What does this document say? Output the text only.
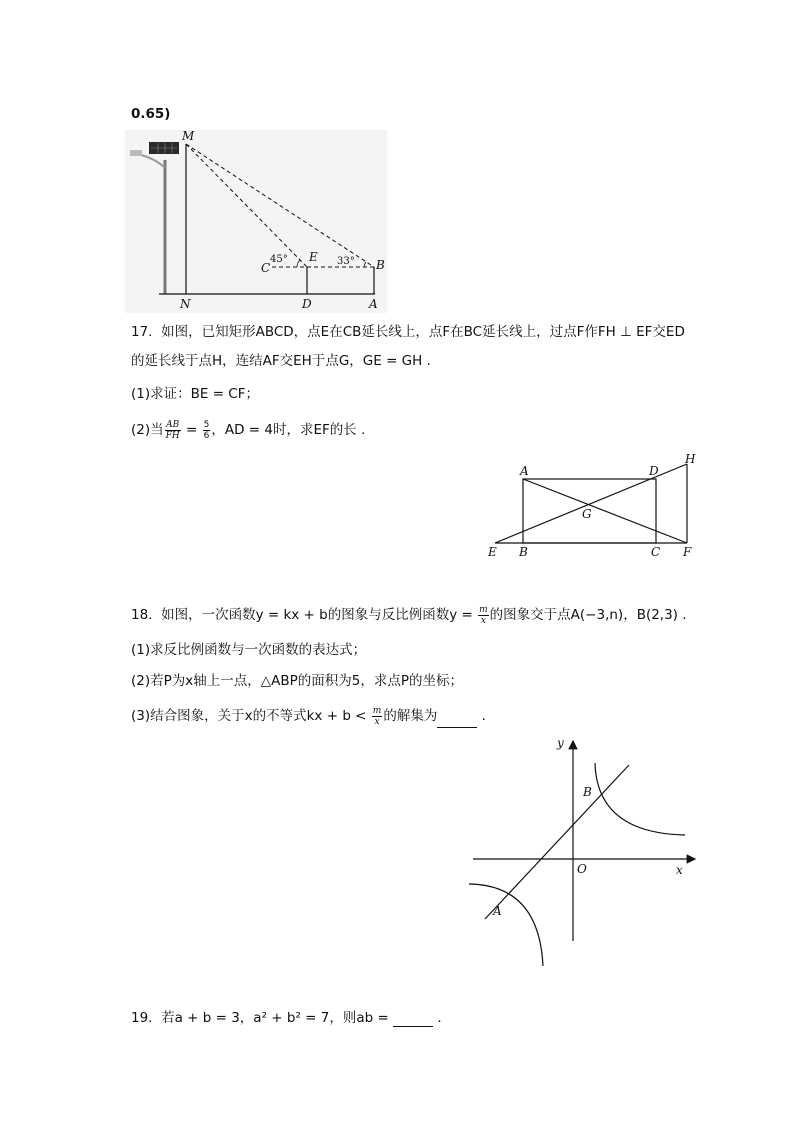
0.65)
M
N
C
E
B
D	A
45°	33°
17. 如图，已知矩形ABCD，点E在CB延长线上，点F在BC延长线上，过点F作FH ⊥ EF交ED
的延长线于点H，连结AF交EH于点G，GE = GH .
(1)求证：BE = CF；
(2)当 $\frac{AB}{FH} = \frac{5}{6}$ ，AD = 4时，求EF的长 .
A	D
H
G
E B	C F
18. 如图，一次函数y = kx + b的图象与反比例函数$y = \frac{m}{x}$ 的图象交于点A(−3,n)，B(2,3) .
(1)求反比例函数与一次函数的表达式；
(2)若P为x轴上一点，△ABP的面积为5，求点P的坐标；
(3)结合图象，关于x的不等式kx + $b < \frac{m}{x}$ 的解集为	.
y
x
O
B
A
19. 若a + b = 3，a² + b² = 7，则ab =	.
